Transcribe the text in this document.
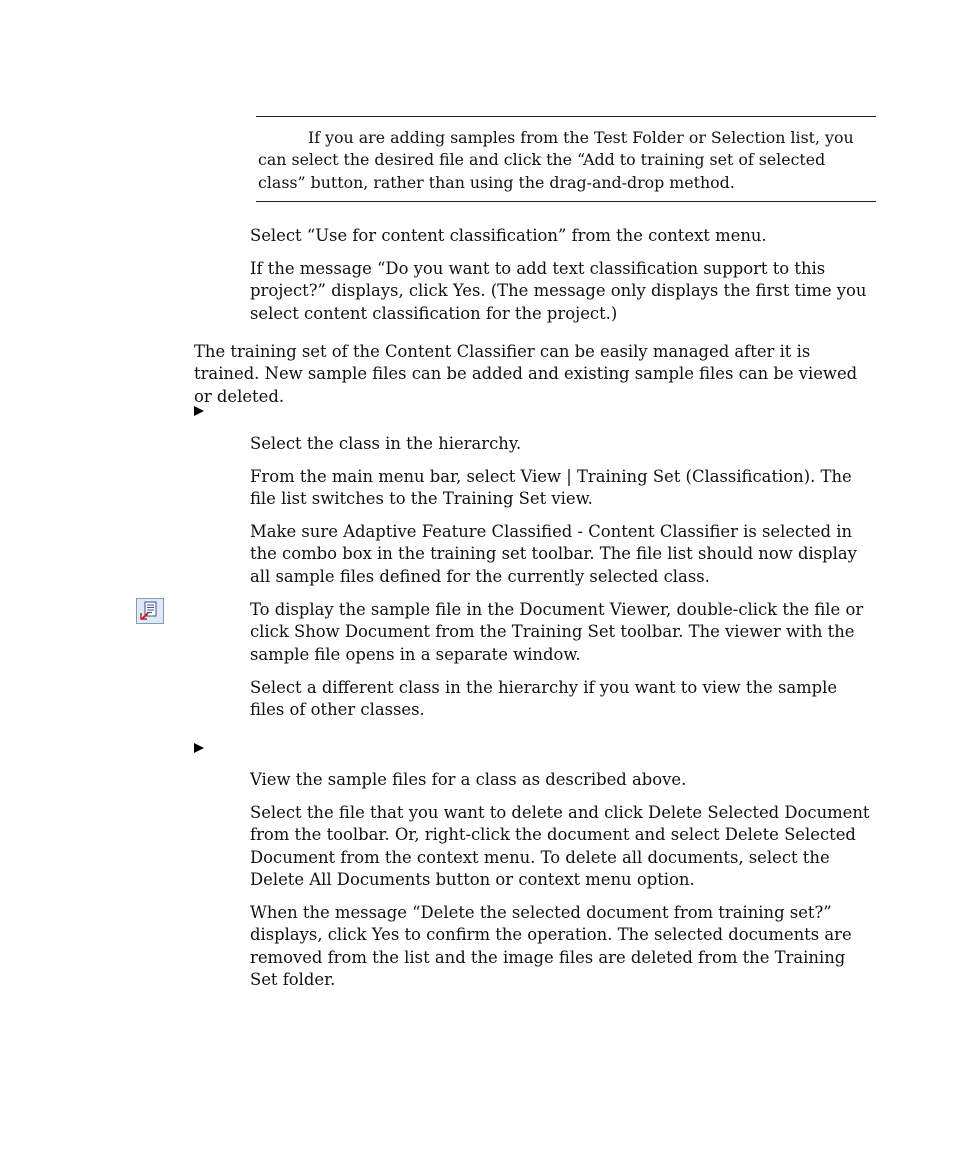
If you are adding samples from the Test Folder or Selection list, you can select the desired file and click the “Add to training set of selected class” button, rather than using the drag-and-drop method.

Select “Use for content classification” from the context menu.

If the message “Do you want to add text classification support to this project?” displays, click Yes. (The message only displays the first time you select content classification for the project.)

The training set of the Content Classifier can be easily managed after it is trained. New sample files can be added and existing sample files can be viewed or deleted.

Select the class in the hierarchy.

From the main menu bar, select View | Training Set (Classification). The file list switches to the Training Set view.

Make sure Adaptive Feature Classified - Content Classifier is selected in the combo box in the training set toolbar. The file list should now display all sample files defined for the currently selected class.

To display the sample file in the Document Viewer, double-click the file or click Show Document from the Training Set toolbar. The viewer with the sample file opens in a separate window.

Select a different class in the hierarchy if you want to view the sample files of other classes.

View the sample files for a class as described above.

Select the file that you want to delete and click Delete Selected Document from the toolbar. Or, right-click the document and select Delete Selected Document from the context menu. To delete all documents, select the Delete All Documents button or context menu option.

When the message “Delete the selected document from training set?” displays, click Yes to confirm the operation. The selected documents are removed from the list and the image files are deleted from the Training Set folder.
